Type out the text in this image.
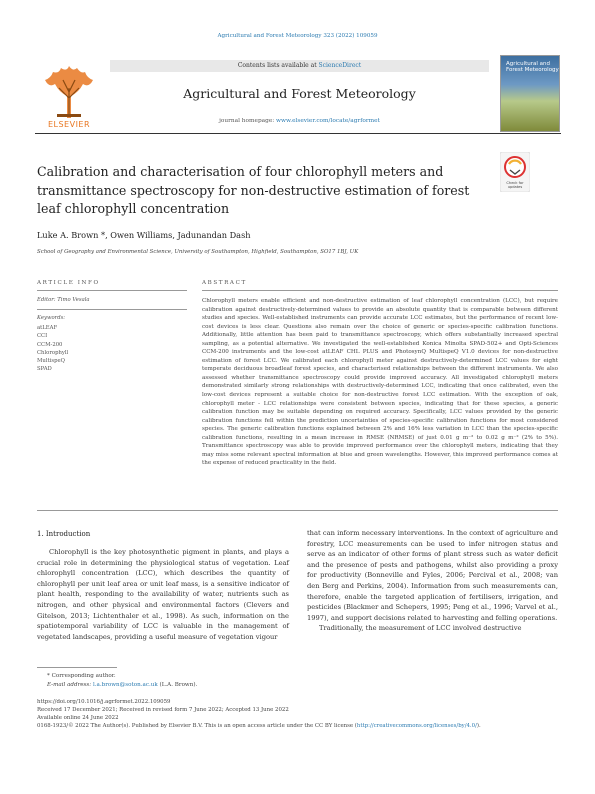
Agricultural and Forest Meteorology 323 (2022) 109059
ELSEVIER
Contents lists available at ScienceDirect
Agricultural and Forest Meteorology
journal homepage: www.elsevier.com/locate/agrformet
Agricultural and Forest Meteorology
Calibration and characterisation of four chlorophyll meters and transmittance spectroscopy for non-destructive estimation of forest leaf chlorophyll concentration
Check for updates
Luke A. Brown *, Owen Williams, Jadunandan Dash
School of Geography and Environmental Science, University of Southampton, Highfield, Southampton, SO17 1BJ, UK
ARTICLE INFO	ABSTRACT
Editor: Timo Vesala
Keywords:
atLEAF
CCI
CCM-200
Chlorophyll
MultispeQ
SPAD
Chlorophyll meters enable efficient and non-destructive estimation of leaf chlorophyll concentration (LCC), but require calibration against destructively-determined values to provide an absolute quantity that is comparable between different studies and species. Well-established instruments can provide accurate LCC estimates, but the performance of recent low-cost devices is less clear. Questions also remain over the choice of generic or species-specific calibration functions. Additionally, little attention has been paid to transmittance spectroscopy, which offers substantially increased spectral sampling, as a potential alternative. We investigated the well-established Konica Minolta SPAD-502+ and Opti-Sciences CCM-200 instruments and the low-cost atLEAF CHL PLUS and PhotosynQ MultispeQ V1.0 devices for non-destructive estimation of forest LCC. We calibrated each chlorophyll meter against destructively-determined LCC values for eight temperate deciduous broadleaf forest species, and characterised relationships between the different instruments. We also assessed whether transmittance spectroscopy could provide improved accuracy. All investigated chlorophyll meters demonstrated similarly strong relationships with destructively-determined LCC, indicating that once calibrated, even the low-cost devices represent a suitable choice for non-destructive forest LCC estimation. With the exception of oak, chlorophyll meter - LCC relationships were consistent between species, indicating that for these species, a generic calibration function may be suitable depending on required accuracy. Specifically, LCC values provided by the generic calibration functions fell within the prediction uncertainties of species-specific calibration functions for most considered species. The generic calibration functions explained between 2% and 16% less variation in LCC than the species-specific calibration functions, resulting in a mean increase in RMSE (NRMSE) of just 0.01 g m⁻² to 0.02 g m⁻² (2% to 5%). Transmittance spectroscopy was able to provide improved performance over the chlorophyll meters, indicating that they may miss some relevant spectral information at blue and green wavelengths. However, this improved performance comes at the expense of reduced practicality in the field.
1. Introduction
Chlorophyll is the key photosynthetic pigment in plants, and plays a crucial role in determining the physiological status of vegetation. Leaf chlorophyll concentration (LCC), which describes the quantity of chlorophyll per unit leaf area or unit leaf mass, is a sensitive indicator of plant health, responding to the availability of water, nutrients such as nitrogen, and other physical and environmental factors (Clevers and Gitelson, 2013; Lichtenthaler et al., 1998). As such, information on the spatiotemporal variability of LCC is valuable in the management of vegetated landscapes, providing a useful measure of vegetation vigour
that can inform necessary interventions. In the context of agriculture and forestry, LCC measurements can be used to infer nitrogen status and serve as an indicator of other forms of plant stress such as water deficit and the presence of pests and pathogens, whilst also providing a proxy for productivity (Bonneville and Fyles, 2006; Percival et al., 2008; van den Berg and Perkins, 2004). Information from such measurements can, therefore, enable the targeted application of fertilisers, irrigation, and pesticides (Blackmer and Schepers, 1995; Peng et al., 1996; Varvel et al., 1997), and support decisions related to harvesting and felling operations.
Traditionally, the measurement of LCC involved destructive
* Corresponding author.
E-mail address: l.a.brown@soton.ac.uk (L.A. Brown).
https://doi.org/10.1016/j.agrformet.2022.109059
Received 17 December 2021; Received in revised form 7 June 2022; Accepted 13 June 2022
Available online 24 June 2022
0168-1923/© 2022 The Author(s). Published by Elsevier B.V. This is an open access article under the CC BY license (http://creativecommons.org/licenses/by/4.0/).
